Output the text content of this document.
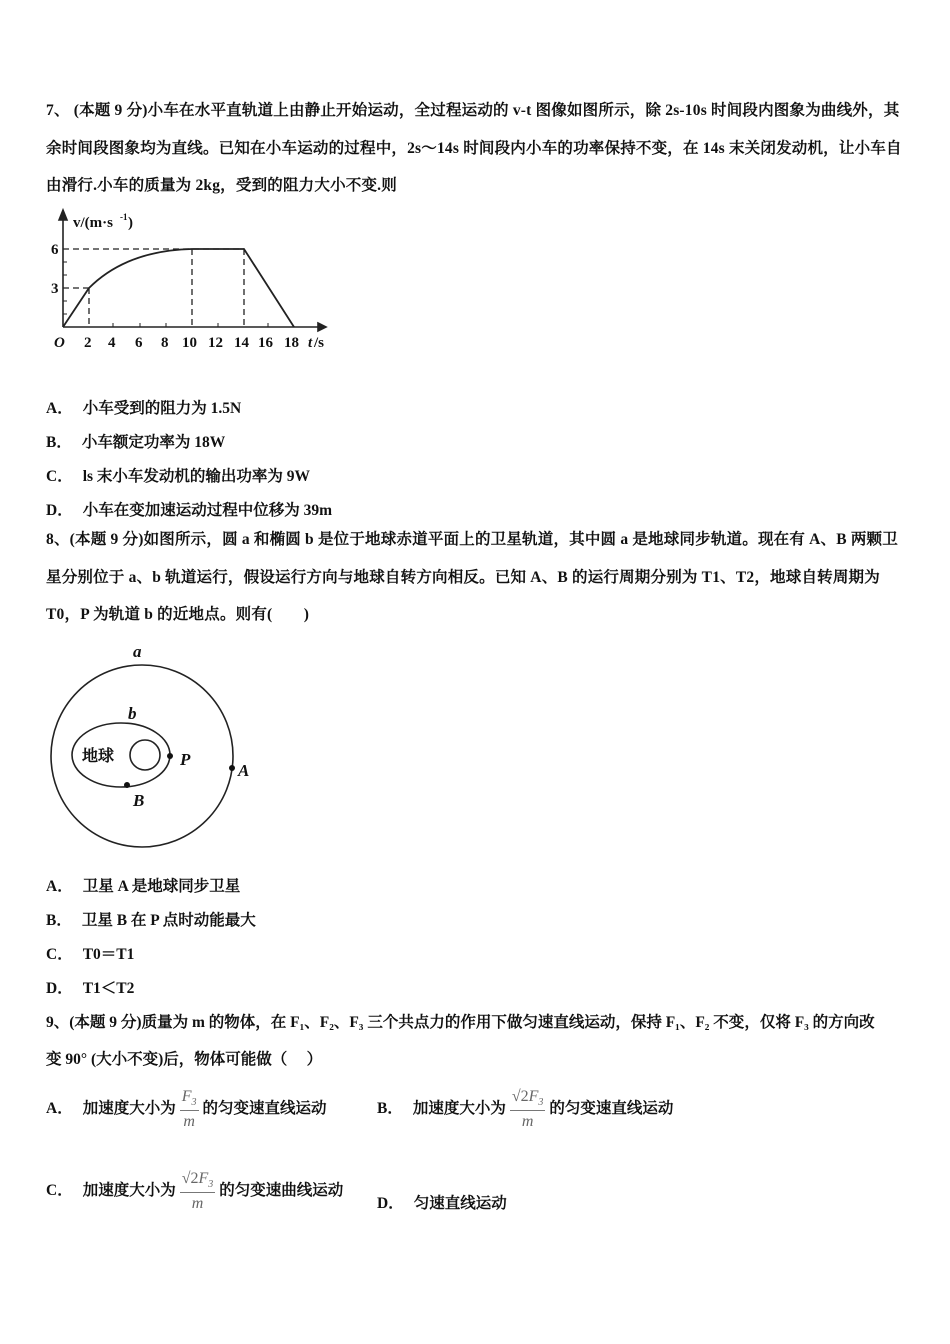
7、 (本题 9 分)小车在水平直轨道上由静止开始运动，全过程运动的 v-t 图像如图所示，除 2s-10s 时间段内图象为曲线外，其余时间段图象均为直线。已知在小车运动的过程中，2s～14s 时间段内小车的功率保持不变，在 14s 末关闭发动机，让小车自由滑行.小车的质量为 2kg，受到的阻力大小不变.则
v/(m·s -1 )
6
3
O 2 4 6 8 10 12 14 16 18 t /s
A． 小车受到的阻力为 1.5N
B． 小车额定功率为 18W
C． ls 末小车发动机的输出功率为 9W
D． 小车在变加速运动过程中位移为 39m
8、(本题 9 分)如图所示，圆 a 和椭圆 b 是位于地球赤道平面上的卫星轨道，其中圆 a 是地球同步轨道。现在有 A、B 两颗卫星分别位于 a、b 轨道运行，假设运行方向与地球自转方向相反。已知 A、B 的运行周期分别为 T1、T2，地球自转周期为 T0，P 为轨道 b 的近地点。则有(　　)
a
b
P
A
B
地球
A． 卫星 A 是地球同步卫星
B． 卫星 B 在 P 点时动能最大
C． T0＝T1
D． T1＜T2
9、(本题 9 分)质量为 m 的物体，在 F₁、F₂、F₃ 三个共点力的作用下做匀速直线运动，保持 F₁、F₂ 不变，仅将 F₃ 的方向改
变 90° (大小不变)后，物体可能做（　 ）
A． 加速度大小为 $\frac{F_3}{m}$ 的匀变速直线运动	B． 加速度大小为 $\frac{√2F_3}{m}$ 的匀变速直线运动
C． 加速度大小为 $\frac{√2F_3}{m}$ 的匀变速曲线运动
D． 匀速直线运动
